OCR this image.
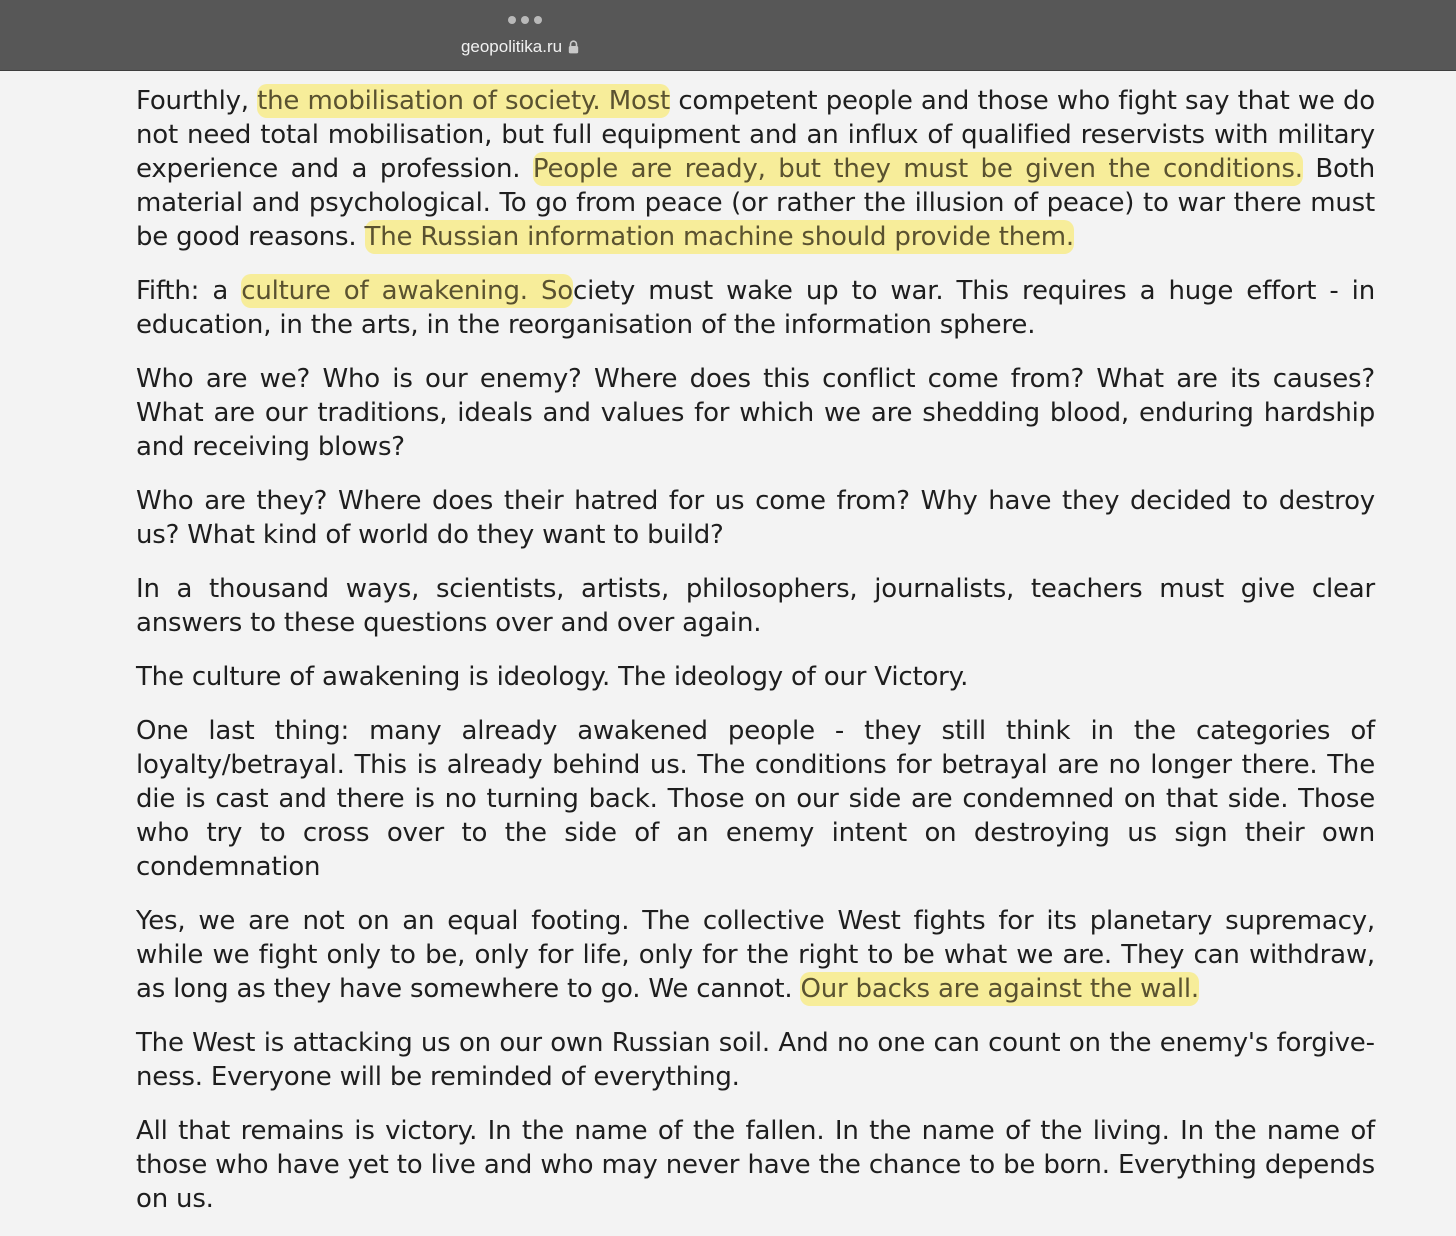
geopolitika.ru

Fourthly, the mobilisation of society. Most competent people and those who fight say that we do not need total mobilisation, but full equipment and an influx of qualified reservists with military experience and a profession. People are ready, but they must be given the conditions. Both material and psychological. To go from peace (or rather the illusion of peace) to war there must be good reasons. The Russian information machine should provide them.

Fifth: a culture of awakening. Society must wake up to war. This requires a huge effort - in education, in the arts, in the reorganisation of the information sphere.

Who are we? Who is our enemy? Where does this conflict come from? What are its causes? What are our traditions, ideals and values for which we are shedding blood, enduring hardship and receiving blows?

Who are they? Where does their hatred for us come from? Why have they decided to destroy us? What kind of world do they want to build?

In a thousand ways, scientists, artists, philosophers, journalists, teachers must give clear answers to these questions over and over again.

The culture of awakening is ideology. The ideology of our Victory.

One last thing: many already awakened people - they still think in the categories of loyalty/betrayal. This is already behind us. The conditions for betrayal are no longer there. The die is cast and there is no turning back. Those on our side are condemned on that side. Those who try to cross over to the side of an enemy intent on destroying us sign their own condemnation

Yes, we are not on an equal footing. The collective West fights for its planetary supremacy, while we fight only to be, only for life, only for the right to be what we are. They can withdraw, as long as they have somewhere to go. We cannot. Our backs are against the wall.

The West is attacking us on our own Russian soil. And no one can count on the enemy's forgiveness. Everyone will be reminded of everything.

All that remains is victory. In the name of the fallen. In the name of the living. In the name of those who have yet to live and who may never have the chance to be born. Everything depends on us.
